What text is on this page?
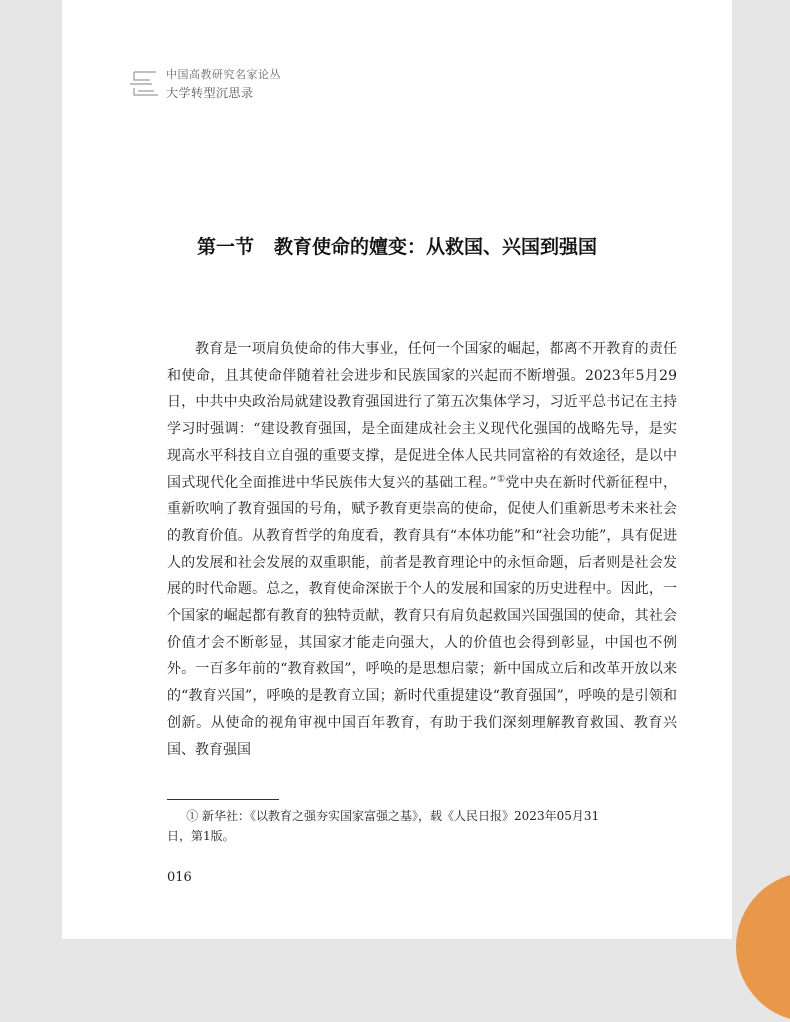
中国高教研究名家论丛
大学转型沉思录
第一节 教育使命的嬗变：从救国、兴国到强国

教育是一项肩负使命的伟大事业，任何一个国家的崛起，都离不开教育的责任和使命，且其使命伴随着社会进步和民族国家的兴起而不断增强。2023年5月29日，中共中央政治局就建设教育强国进行了第五次集体学习，习近平总书记在主持学习时强调：“建设教育强国，是全面建成社会主义现代化强国的战略先导，是实现高水平科技自立自强的重要支撑，是促进全体人民共同富裕的有效途径，是以中国式现代化全面推进中华民族伟大复兴的基础工程。”①党中央在新时代新征程中，重新吹响了教育强国的号角，赋予教育更崇高的使命，促使人们重新思考未来社会的教育价值。从教育哲学的角度看，教育具有“本体功能”和“社会功能”，具有促进人的发展和社会发展的双重职能，前者是教育理论中的永恒命题，后者则是社会发展的时代命题。总之，教育使命深嵌于个人的发展和国家的历史进程中。因此，一个国家的崛起都有教育的独特贡献，教育只有肩负起救国兴国强国的使命，其社会价值才会不断彰显，其国家才能走向强大，人的价值也会得到彰显，中国也不例外。一百多年前的“教育救国”，呼唤的是思想启蒙；新中国成立后和改革开放以来的“教育兴国”，呼唤的是教育立国；新时代重提建设“教育强国”，呼唤的是引领和创新。从使命的视角审视中国百年教育，有助于我们深刻理解教育救国、教育兴国、教育强国

① 新华社：《以教育之强夯实国家富强之基》，载《人民日报》2023年05月31日，第1版。

016
